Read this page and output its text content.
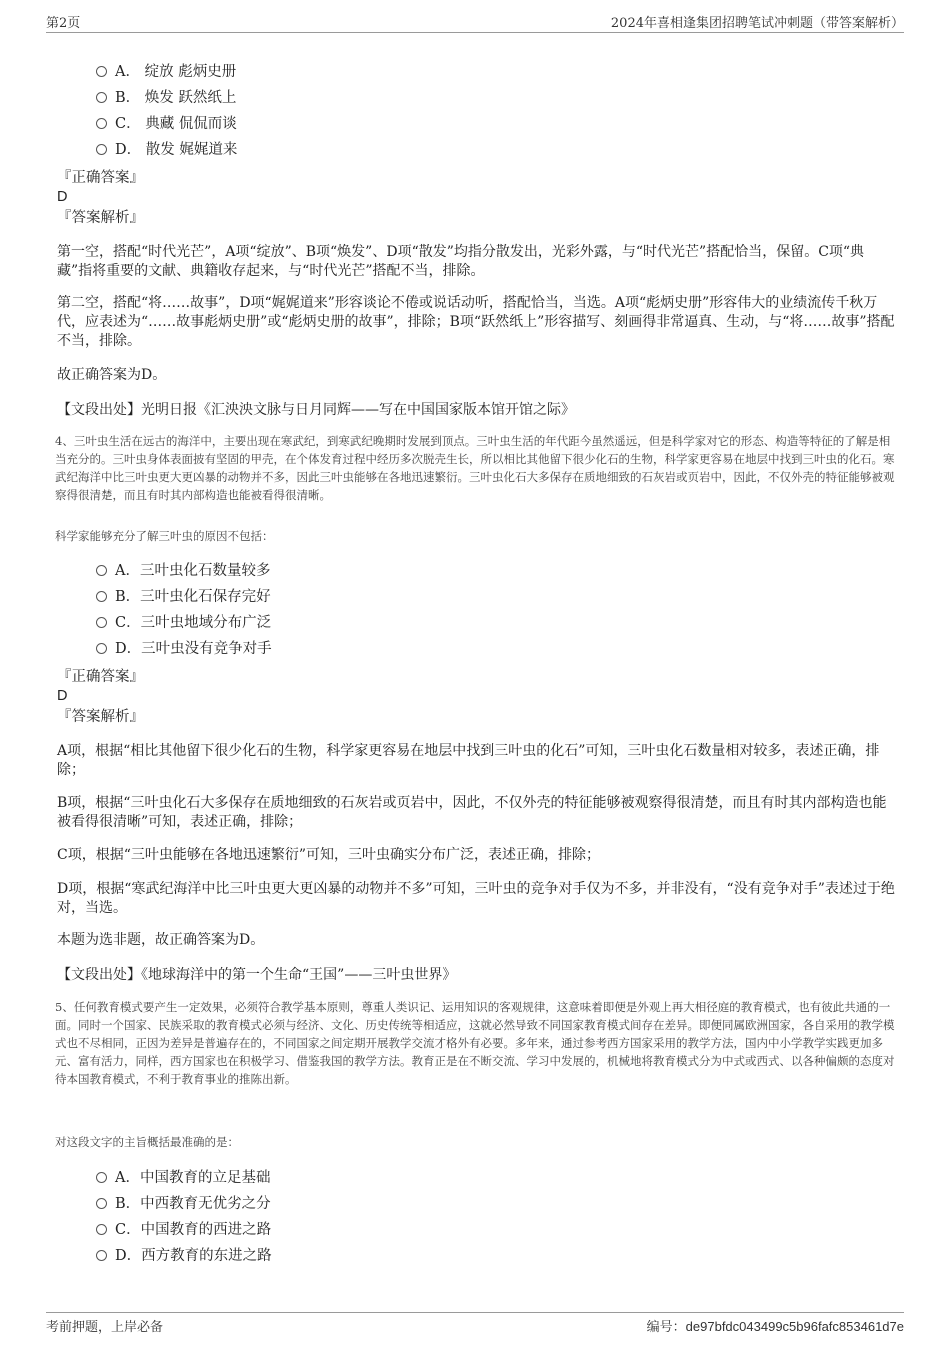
第2页	2024年喜相逢集团招聘笔试冲刺题（带答案解析）
A． 绽放 彪炳史册
B． 焕发 跃然纸上
C． 典藏 侃侃而谈
D． 散发 娓娓道来
『正确答案』
D
『答案解析』
第一空，搭配“时代光芒”，A项“绽放”、B项“焕发”、D项“散发”均指分散发出，光彩外露，与“时代光芒”搭配恰当，保留。C项“典藏”指将重要的文献、典籍收存起来，与“时代光芒”搭配不当，排除。
第二空，搭配“将……故事”，D项“娓娓道来”形容谈论不倦或说话动听，搭配恰当，当选。A项“彪炳史册”形容伟大的业绩流传千秋万代，应表述为“……故事彪炳史册”或“彪炳史册的故事”，排除；B项“跃然纸上”形容描写、刻画得非常逼真、生动，与“将……故事”搭配不当，排除。
故正确答案为D。
【文段出处】光明日报《汇泱泱文脉与日月同辉——写在中国国家版本馆开馆之际》
4、三叶虫生活在远古的海洋中，主要出现在寒武纪，到寒武纪晚期时发展到顶点。三叶虫生活的年代距今虽然遥远，但是科学家对它的形态、构造等特征的了解是相当充分的。三叶虫身体表面披有坚固的甲壳，在个体发育过程中经历多次脱壳生长，所以相比其他留下很少化石的生物，科学家更容易在地层中找到三叶虫的化石。寒武纪海洋中比三叶虫更大更凶暴的动物并不多，因此三叶虫能够在各地迅速繁衍。三叶虫化石大多保存在质地细致的石灰岩或页岩中，因此，不仅外壳的特征能够被观察得很清楚，而且有时其内部构造也能被看得很清晰。
科学家能够充分了解三叶虫的原因不包括：
A．三叶虫化石数量较多
B．三叶虫化石保存完好
C．三叶虫地域分布广泛
D．三叶虫没有竞争对手
『正确答案』
D
『答案解析』
A项，根据“相比其他留下很少化石的生物，科学家更容易在地层中找到三叶虫的化石”可知，三叶虫化石数量相对较多，表述正确，排除；
B项，根据“三叶虫化石大多保存在质地细致的石灰岩或页岩中，因此，不仅外壳的特征能够被观察得很清楚，而且有时其内部构造也能被看得很清晰”可知，表述正确，排除；
C项，根据“三叶虫能够在各地迅速繁衍”可知，三叶虫确实分布广泛，表述正确，排除；
D项，根据“寒武纪海洋中比三叶虫更大更凶暴的动物并不多”可知，三叶虫的竞争对手仅为不多，并非没有，“没有竞争对手”表述过于绝对，当选。
本题为选非题，故正确答案为D。
【文段出处】《地球海洋中的第一个生命“王国”——三叶虫世界》
5、任何教育模式要产生一定效果，必须符合教学基本原则，尊重人类识记、运用知识的客观规律，这意味着即便是外观上再大相径庭的教育模式，也有彼此共通的一面。同时一个国家、民族采取的教育模式必须与经济、文化、历史传统等相适应，这就必然导致不同国家教育模式间存在差异。即便同属欧洲国家，各自采用的教学模式也不尽相同，正因为差异是普遍存在的，不同国家之间定期开展教学交流才格外有必要。多年来，通过参考西方国家采用的教学方法，国内中小学教学实践更加多元、富有活力，同样，西方国家也在积极学习、借鉴我国的教学方法。教育正是在不断交流、学习中发展的，机械地将教育模式分为中式或西式、以各种偏颇的态度对待本国教育模式，不利于教育事业的推陈出新。
对这段文字的主旨概括最准确的是：
A．中国教育的立足基础
B．中西教育无优劣之分
C．中国教育的西进之路
D．西方教育的东进之路
考前押题，上岸必备	编号：de97bfdc043499c5b96fafc853461d7e
